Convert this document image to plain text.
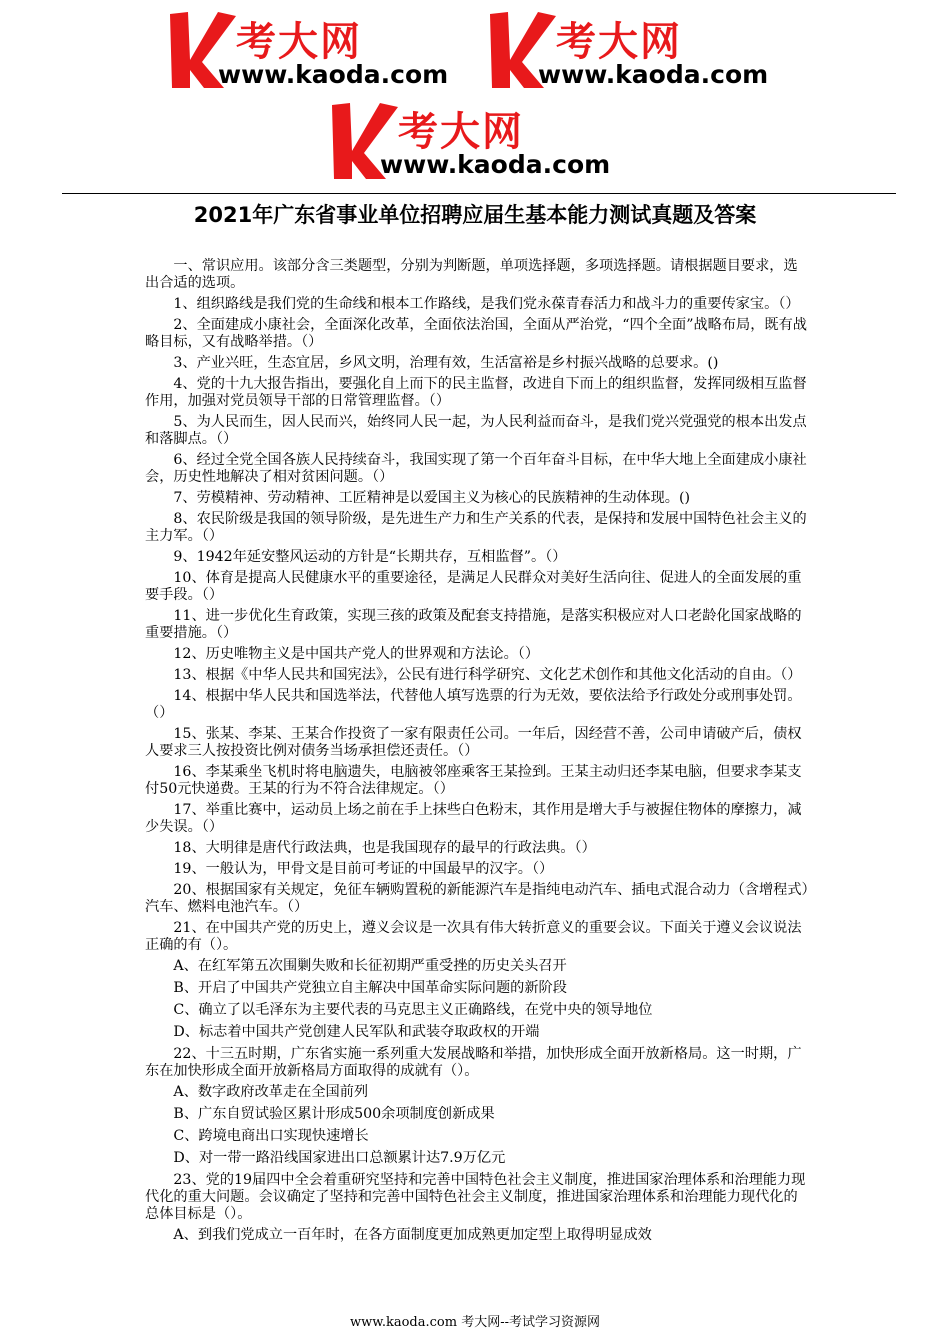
考大网
www.kaoda.com
考大网
www.kaoda.com
考大网
www.kaoda.com
2021年广东省事业单位招聘应届生基本能力测试真题及答案

一、常识应用。该部分含三类题型，分别为判断题，单项选择题，多项选择题。请根据题目要求，选出合适的选项。

1、组织路线是我们党的生命线和根本工作路线，是我们党永葆青春活力和战斗力的重要传家宝。（）

2、全面建成小康社会，全面深化改革，全面依法治国，全面从严治党，“四个全面”战略布局，既有战略目标，又有战略举措。（）

3、产业兴旺，生态宜居，乡风文明，治理有效，生活富裕是乡村振兴战略的总要求。()

4、党的十九大报告指出，要强化自上而下的民主监督，改进自下而上的组织监督，发挥同级相互监督作用，加强对党员领导干部的日常管理监督。（）

5、为人民而生，因人民而兴，始终同人民一起，为人民利益而奋斗，是我们党兴党强党的根本出发点和落脚点。（）

6、经过全党全国各族人民持续奋斗，我国实现了第一个百年奋斗目标，在中华大地上全面建成小康社会，历史性地解决了相对贫困问题。（）

7、劳模精神、劳动精神、工匠精神是以爱国主义为核心的民族精神的生动体现。()

8、农民阶级是我国的领导阶级，是先进生产力和生产关系的代表，是保持和发展中国特色社会主义的主力军。（）

9、1942年延安整风运动的方针是“长期共存，互相监督”。（）

10、体育是提高人民健康水平的重要途径，是满足人民群众对美好生活向往、促进人的全面发展的重要手段。（）

11、进一步优化生育政策，实现三孩的政策及配套支持措施，是落实积极应对人口老龄化国家战略的重要措施。（）

12、历史唯物主义是中国共产党人的世界观和方法论。（）

13、根据《中华人民共和国宪法》，公民有进行科学研究、文化艺术创作和其他文化活动的自由。（）

14、根据中华人民共和国选举法，代替他人填写选票的行为无效，要依法给予行政处分或刑事处罚。（）

15、张某、李某、王某合作投资了一家有限责任公司。一年后，因经营不善，公司申请破产后，债权人要求三人按投资比例对债务当场承担偿还责任。（）

16、李某乘坐飞机时将电脑遗失，电脑被邻座乘客王某捡到。王某主动归还李某电脑，但要求李某支付50元快递费。王某的行为不符合法律规定。（）

17、举重比赛中，运动员上场之前在手上抹些白色粉末，其作用是增大手与被握住物体的摩擦力，减少失误。（）

18、大明律是唐代行政法典，也是我国现存的最早的行政法典。（）

19、一般认为，甲骨文是目前可考证的中国最早的汉字。（）

20、根据国家有关规定，免征车辆购置税的新能源汽车是指纯电动汽车、插电式混合动力（含增程式）汽车、燃料电池汽车。（）

21、在中国共产党的历史上，遵义会议是一次具有伟大转折意义的重要会议。下面关于遵义会议说法正确的有（）。

A、在红军第五次围剿失败和长征初期严重受挫的历史关头召开

B、开启了中国共产党独立自主解决中国革命实际问题的新阶段

C、确立了以毛泽东为主要代表的马克思主义正确路线，在党中央的领导地位

D、标志着中国共产党创建人民军队和武装夺取政权的开端

22、十三五时期，广东省实施一系列重大发展战略和举措，加快形成全面开放新格局。这一时期，广东在加快形成全面开放新格局方面取得的成就有（）。

A、数字政府改革走在全国前列

B、广东自贸试验区累计形成500余项制度创新成果

C、跨境电商出口实现快速增长

D、对一带一路沿线国家进出口总额累计达7.9万亿元

23、党的19届四中全会着重研究坚持和完善中国特色社会主义制度，推进国家治理体系和治理能力现代化的重大问题。会议确定了坚持和完善中国特色社会主义制度，推进国家治理体系和治理能力现代化的总体目标是（）。

A、到我们党成立一百年时，在各方面制度更加成熟更加定型上取得明显成效

www.kaoda.com 考大网--考试学习资源网
